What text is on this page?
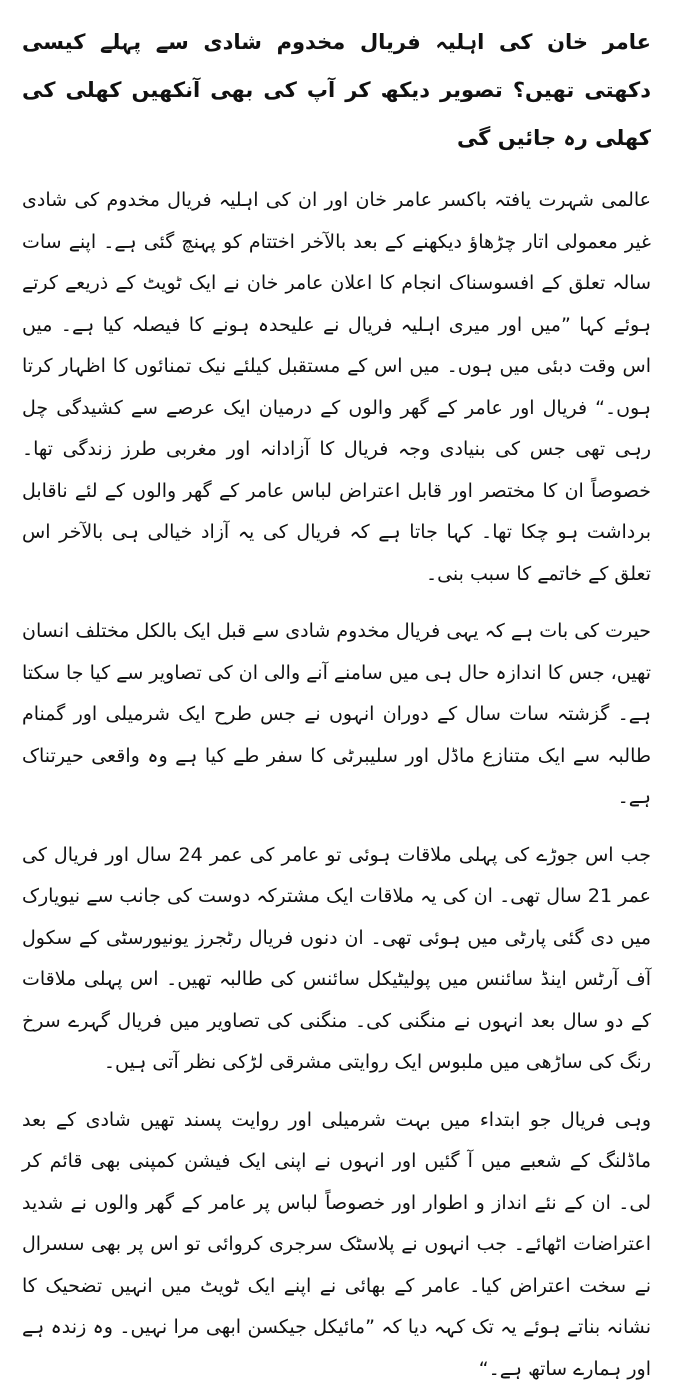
عامر خان کی اہلیہ فریال مخدوم شادی سے پہلے کیسی دکھتی تھیں؟ تصویر دیکھ کر آپ کی بھی آنکھیں کھلی کی کھلی رہ جائیں گی

عالمی شہرت یافتہ باکسر عامر خان اور ان کی اہلیہ فریال مخدوم کی شادی غیر معمولی اتار چڑھاؤ دیکھنے کے بعد بالآخر اختتام کو پہنچ گئی ہے۔ اپنے سات سالہ تعلق کے افسوسناک انجام کا اعلان عامر خان نے ایک ٹویٹ کے ذریعے کرتے ہوئے کہا ”میں اور میری اہلیہ فریال نے علیحدہ ہونے کا فیصلہ کیا ہے۔ میں اس وقت دبئی میں ہوں۔ میں اس کے مستقبل کیلئے نیک تمنائوں کا اظہار کرتا ہوں۔“ فریال اور عامر کے گھر والوں کے درمیان ایک عرصے سے کشیدگی چل رہی تھی جس کی بنیادی وجہ فریال کا آزادانہ اور مغربی طرز زندگی تھا۔ خصوصاً ان کا مختصر اور قابل اعتراض لباس عامر کے گھر والوں کے لئے ناقابل برداشت ہو چکا تھا۔ کہا جاتا ہے کہ فریال کی یہ آزاد خیالی ہی بالآخر اس تعلق کے خاتمے کا سبب بنی۔

حیرت کی بات ہے کہ یہی فریال مخدوم شادی سے قبل ایک بالکل مختلف انسان تھیں، جس کا اندازہ حال ہی میں سامنے آنے والی ان کی تصاویر سے کیا جا سکتا ہے۔ گزشتہ سات سال کے دوران انہوں نے جس طرح ایک شرمیلی اور گمنام طالبہ سے ایک متنازع ماڈل اور سلیبرٹی کا سفر طے کیا ہے وہ واقعی حیرتناک ہے۔

جب اس جوڑے کی پہلی ملاقات ہوئی تو عامر کی عمر 24 سال اور فریال کی عمر 21 سال تھی۔ ان کی یہ ملاقات ایک مشترکہ دوست کی جانب سے نیویارک میں دی گئی پارٹی میں ہوئی تھی۔ ان دنوں فریال رٹجرز یونیورسٹی کے سکول آف آرٹس اینڈ سائنس میں پولیٹیکل سائنس کی طالبہ تھیں۔ اس پہلی ملاقات کے دو سال بعد انہوں نے منگنی کی۔ منگنی کی تصاویر میں فریال گہرے سرخ رنگ کی ساڑھی میں ملبوس ایک روایتی مشرقی لڑکی نظر آتی ہیں۔

وہی فریال جو ابتداء میں بہت شرمیلی اور روایت پسند تھیں شادی کے بعد ماڈلنگ کے شعبے میں آ گئیں اور انہوں نے اپنی ایک فیشن کمپنی بھی قائم کر لی۔ ان کے نئے انداز و اطوار اور خصوصاً لباس پر عامر کے گھر والوں نے شدید اعتراضات اٹھائے۔ جب انہوں نے پلاسٹک سرجری کروائی تو اس پر بھی سسرال نے سخت اعتراض کیا۔ عامر کے بھائی نے اپنے ایک ٹویٹ میں انہیں تضحیک کا نشانہ بناتے ہوئے یہ تک کہہ دیا کہ ”مائیکل جیکسن ابھی مرا نہیں۔ وہ زندہ ہے اور ہمارے ساتھ ہے۔“
